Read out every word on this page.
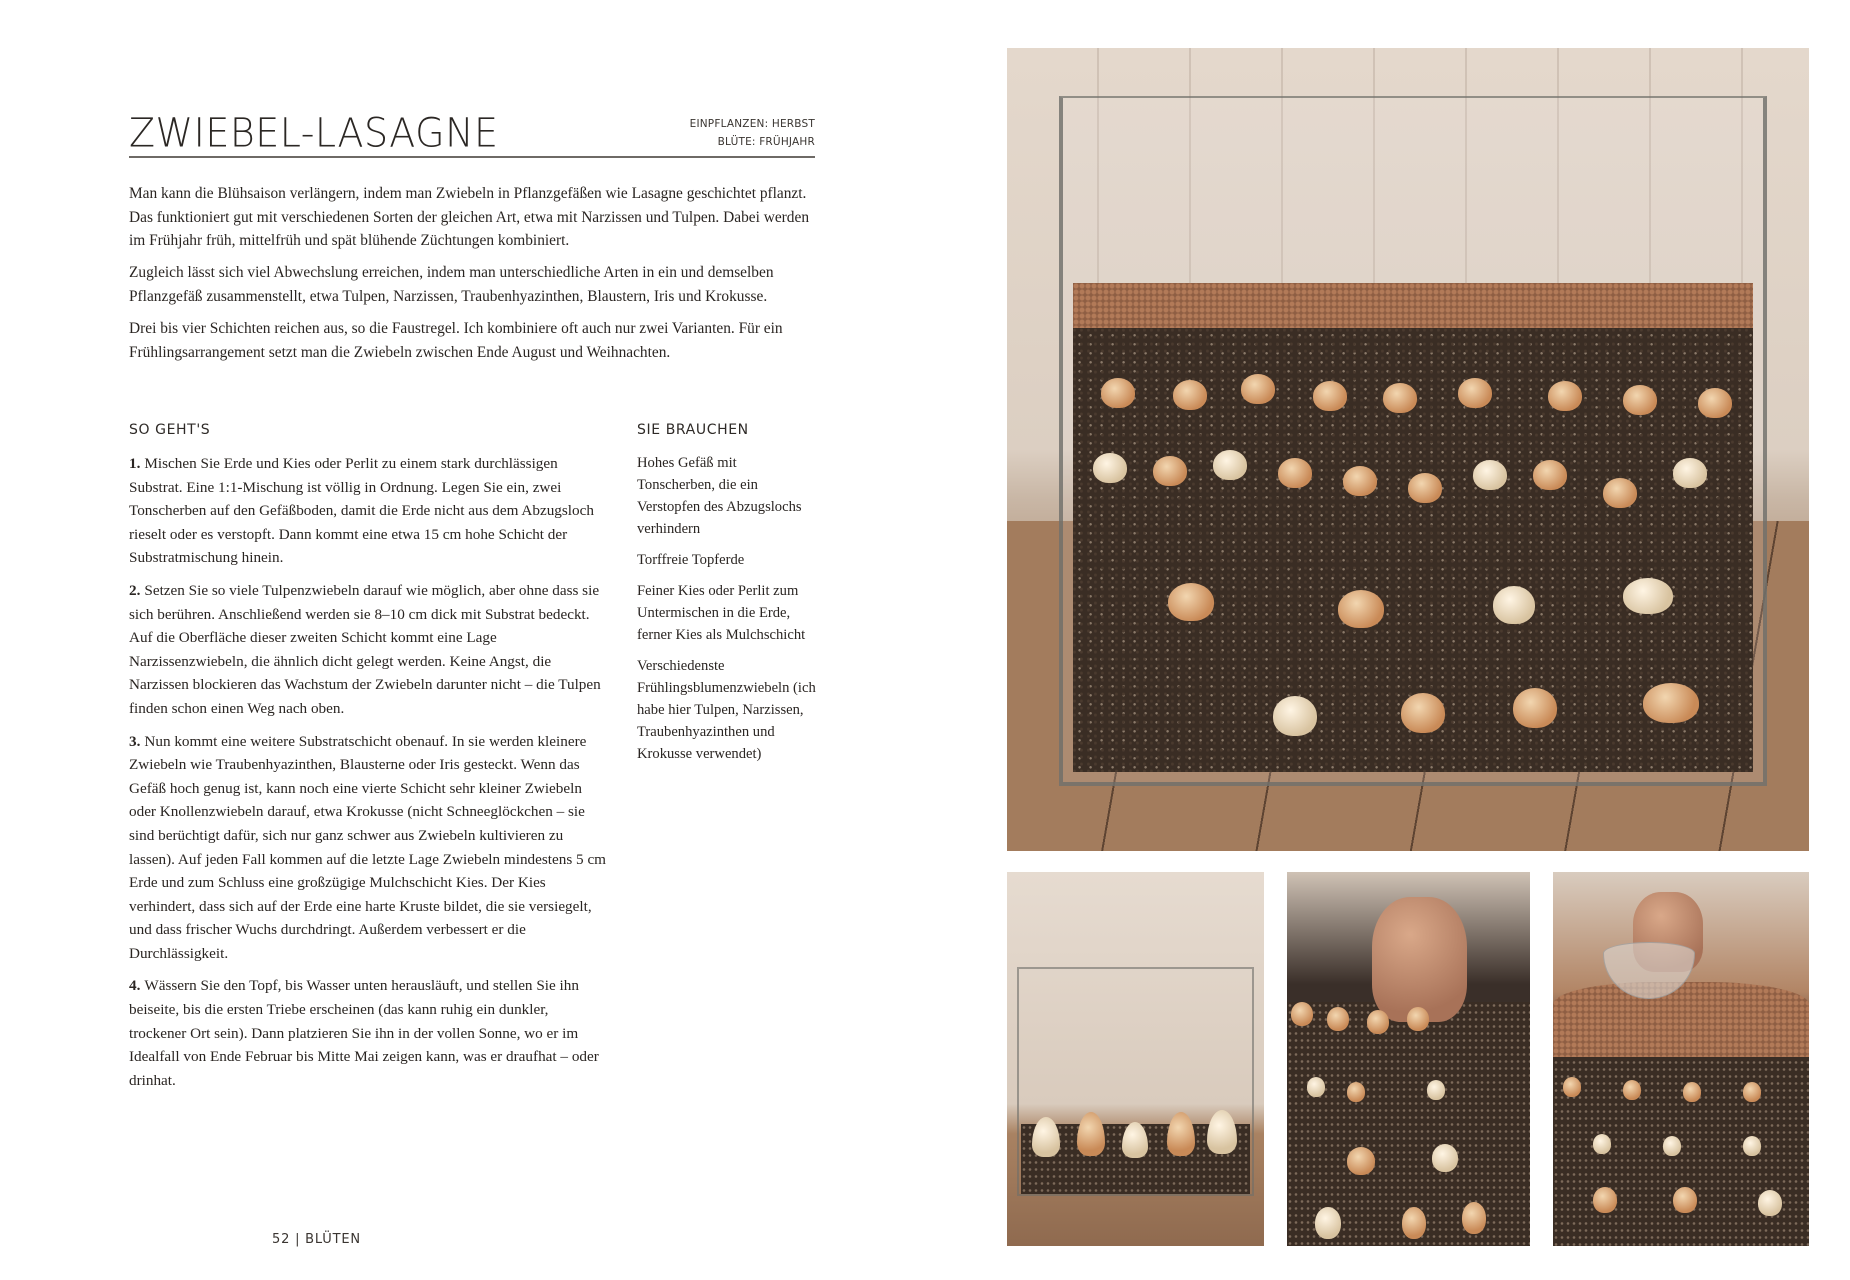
ZWIEBEL-LASAGNE	EINPFLANZEN: HERBST
BLÜTE: FRÜHJAHR

Man kann die Blühsaison verlängern, indem man Zwiebeln in Pflanzgefäßen wie Lasagne geschichtet pflanzt. Das funktioniert gut mit verschiedenen Sorten der gleichen Art, etwa mit Narzissen und Tulpen. Dabei werden im Frühjahr früh, mittelfrüh und spät blühende Züchtungen kombiniert.

Zugleich lässt sich viel Abwechslung erreichen, indem man unterschiedliche Arten in ein und demselben Pflanzgefäß zusammenstellt, etwa Tulpen, Narzissen, Traubenhyazinthen, Blaustern, Iris und Krokusse.

Drei bis vier Schichten reichen aus, so die Faustregel. Ich kombiniere oft auch nur zwei Varianten. Für ein Frühlingsarrangement setzt man die Zwiebeln zwischen Ende August und Weihnachten.

SO GEHT'S	SIE BRAUCHEN

1. Mischen Sie Erde und Kies oder Perlit zu einem stark durchlässigen Substrat. Eine 1:1-Mischung ist völlig in Ordnung. Legen Sie ein, zwei Tonscherben auf den Gefäßboden, damit die Erde nicht aus dem Abzugsloch rieselt oder es verstopft. Dann kommt eine etwa 15 cm hohe Schicht der Substratmischung hinein.

2. Setzen Sie so viele Tulpenzwiebeln darauf wie möglich, aber ohne dass sie sich berühren. Anschließend werden sie 8–10 cm dick mit Substrat bedeckt. Auf die Oberfläche dieser zweiten Schicht kommt eine Lage Narzissenzwiebeln, die ähnlich dicht gelegt werden. Keine Angst, die Narzissen blockieren das Wachstum der Zwiebeln darunter nicht – die Tulpen finden schon einen Weg nach oben.

3. Nun kommt eine weitere Substratschicht obenauf. In sie werden kleinere Zwiebeln wie Traubenhyazinthen, Blausterne oder Iris gesteckt. Wenn das Gefäß hoch genug ist, kann noch eine vierte Schicht sehr kleiner Zwiebeln oder Knollenzwiebeln darauf, etwa Krokusse (nicht Schneeglöckchen – sie sind berüchtigt dafür, sich nur ganz schwer aus Zwiebeln kultivieren zu lassen). Auf jeden Fall kommen auf die letzte Lage Zwiebeln mindestens 5 cm Erde und zum Schluss eine großzügige Mulchschicht Kies. Der Kies verhindert, dass sich auf der Erde eine harte Kruste bildet, die sie versiegelt, und dass frischer Wuchs durchdringt. Außerdem verbessert er die Durchlässigkeit.

4. Wässern Sie den Topf, bis Wasser unten herausläuft, und stellen Sie ihn beiseite, bis die ersten Triebe erscheinen (das kann ruhig ein dunkler, trockener Ort sein). Dann platzieren Sie ihn in der vollen Sonne, wo er im Idealfall von Ende Februar bis Mitte Mai zeigen kann, was er draufhat – oder drinhat.

Hohes Gefäß mit Tonscherben, die ein Verstopfen des Abzugslochs verhindern

Torffreie Topferde

Feiner Kies oder Perlit zum Untermischen in die Erde, ferner Kies als Mulchschicht

Verschiedenste Frühlingsblumenzwiebeln (ich habe hier Tulpen, Narzissen, Traubenhyazinthen und Krokusse verwendet)

52 | BLÜTEN
